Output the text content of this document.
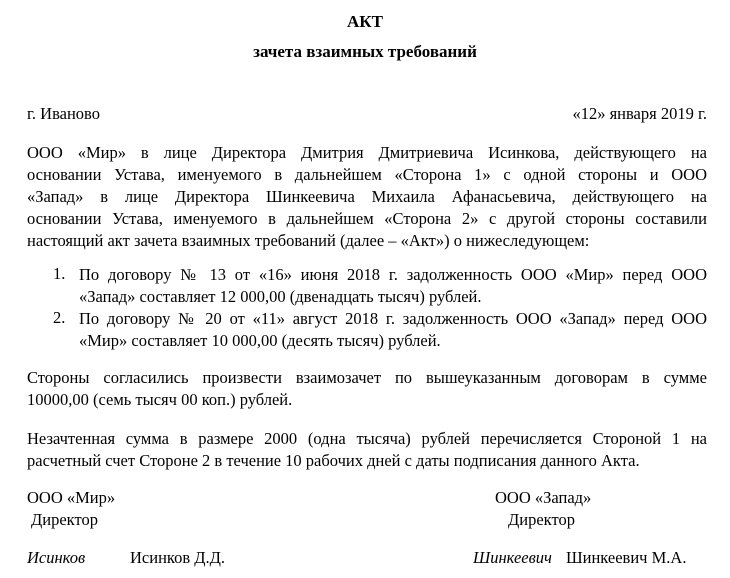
АКТ
зачета взаимных требований
г. Иваново	«12» января 2019 г.
ООО «Мир» в лице Директора Дмитрия Дмитриевича Исинкова, действующего на
основании Устава, именуемого в дальнейшем «Сторона 1» с одной стороны и ООО
«Запад» в лице Директора Шинкеевича Михаила Афанасьевича, действующего на
основании Устава, именуемого в дальнейшем «Сторона 2» с другой стороны составили
настоящий акт зачета взаимных требований (далее – «Акт») о нижеследующем:
1. По договору № 13 от «16» июня 2018 г. задолженность ООО «Мир» перед ООО
«Запад» составляет 12 000,00 (двенадцать тысяч) рублей.
2. По договору № 20 от «11» август 2018 г. задолженность ООО «Запад» перед ООО
«Мир» составляет 10 000,00 (десять тысяч) рублей.
Стороны согласились произвести взаимозачет по вышеуказанным договорам в сумме
10000,00 (семь тысяч 00 коп.) рублей.
Незачтенная сумма в размере 2000 (одна тысяча) рублей перечисляется Стороной 1 на
расчетный счет Стороне 2 в течение 10 рабочих дней с даты подписания данного Акта.
ООО «Мир»
Директор
Исинков	Исинков Д.Д.
ООО «Запад»
Директор
Шинкеевич Шинкеевич М.А.
